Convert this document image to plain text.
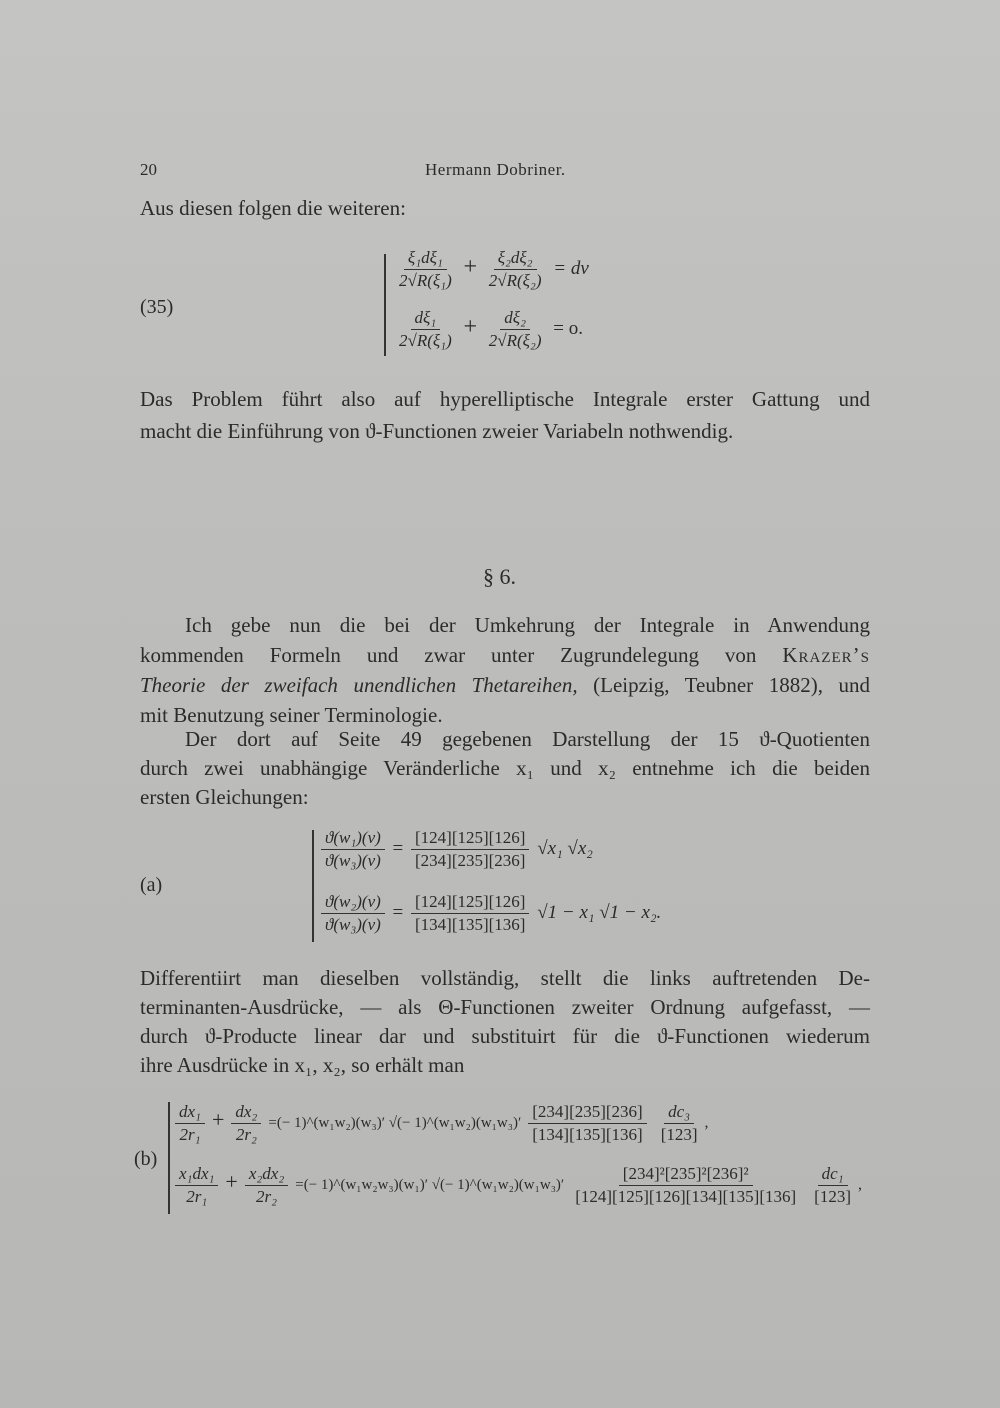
⠀
20	Hermann Dobriner.
Aus diesen folgen die weiteren:
(35)
$\frac{\text{ξ₁dξ₁}}{\text{2√R(ξ₁)}} + \frac{\text{ξ₂dξ₂}}{\text{2√R(ξ₂)}}$ = dv
$\frac{\text{dξ₁}}{\text{2√R(ξ₁)}} + \frac{\text{dξ₂}}{\text{2√R(ξ₂)}} = o$.
Das Problem führt also auf hyperelliptische Integrale erster Gattung und
macht die Einführung von ϑ-Functionen zweier Variabeln nothwendig.
§ 6.
Ich gebe nun die bei der Umkehrung der Integrale in Anwendung
kommenden Formeln und zwar unter Zugrundelegung von Krazer’s
Theorie der zweifach unendlichen Thetareihen, (Leipzig, Teubner 1882), und
mit Benutzung seiner Terminologie.
Der dort auf Seite 49 gegebenen Darstellung der 15 ϑ-Quotienten
durch zwei unabhängige Veränderliche x₁ und x₂ entnehme ich die beiden
ersten Gleichungen:
(a)
$\frac{\text{ϑ(w₁)(v)}}{\text{ϑ(w₃)(v)}} = \frac{[124][125][126]}{[234][235][236]} √x_1$ √x₂
$\frac{\text{ϑ(w₂)(v)}}{\text{ϑ(w₃)(v)}} = \frac{[124][125][126]}{[134][135][136]} √1 - x_1$ √1 − x₂.
Differentiirt man dieselben vollständig, stellt die links auftretenden De-
terminanten-Ausdrücke, — als Θ-Functionen zweiter Ordnung aufgefasst, —
durch ϑ-Producte linear dar und substituirt für die ϑ-Functionen wiederum
ihre Ausdrücke in x₁, x₂, so erhält man
(b)
$\frac{\text{dx₁}}{\text{2r₁}} + \frac{\text{dx₂}}{\text{2r₂}}$ =(− 1)^(w₁w₂)(w₃)′ √(− 1)^(w₁w₂)(w₁w₃)′ $\frac{[234][235][236]}{[134][135][136]}$
$\frac{\text{dc₃}}{[123]}$ ,
$\frac{\text{x₁dx₁}}{\text{2r₁}} + \frac{\text{x₂dx₂}}{\text{2r₂}}$ =(− 1)^(w₁w₂w₃)(w₁)′ √(− 1)^(w₁w₂)(w₁w₃)′ $\frac{\text{[234]²[235]²[236]²}}{[124][125][126][134][135][136]}$
$\frac{\text{dc₁}}{[123]}$ ,
